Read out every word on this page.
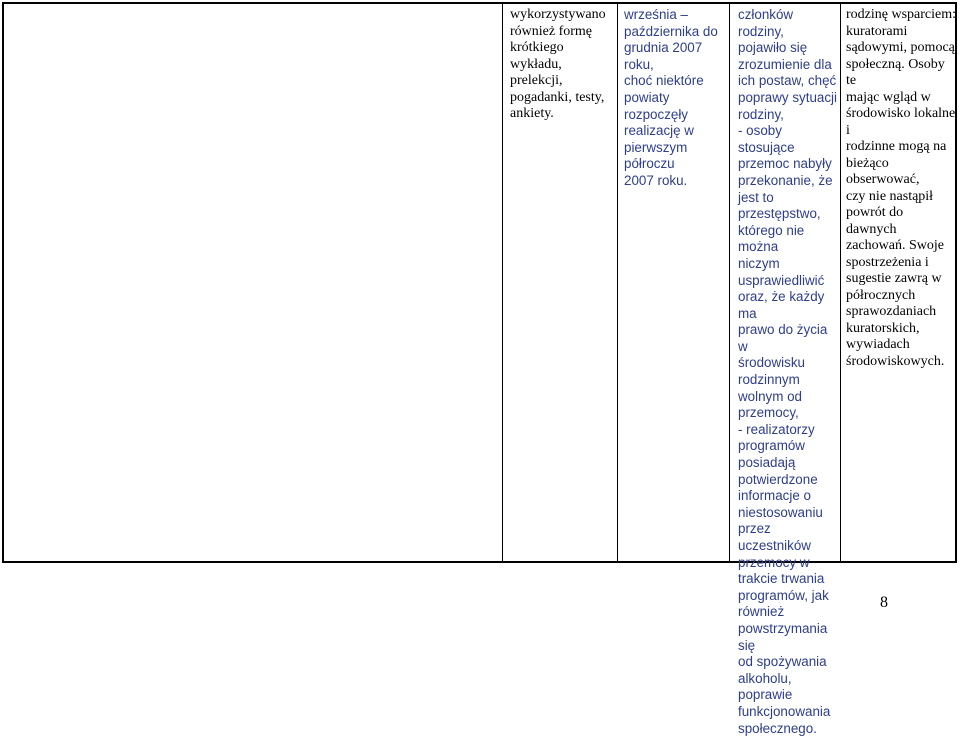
wykorzystywano
również formę
krótkiego wykładu,
prelekcji,
pogadanki, testy,
ankiety.

września –
października do
grudnia 2007 roku,
choć niektóre
powiaty rozpoczęły
realizację w
pierwszym półroczu
2007 roku.

członków rodziny,
pojawiło się
zrozumienie dla
ich postaw, chęć
poprawy sytuacji
rodziny,
- osoby stosujące
przemoc nabyły
przekonanie, że
jest to
przestępstwo,
którego nie można
niczym
usprawiedliwić
oraz, że każdy ma
prawo do życia w
środowisku
rodzinnym
wolnym od
przemocy,
- realizatorzy
programów
posiadają
potwierdzone
informacje o
niestosowaniu
przez uczestników
przemocy w
trakcie trwania
programów, jak
również
powstrzymania się
od spożywania
alkoholu,
poprawie
funkcjonowania
społecznego.

rodzinę wsparciem:
kuratorami
sądowymi, pomocą
społeczną. Osoby te
mając wgląd w
środowisko lokalne i
rodzinne mogą na
bieżąco obserwować,
czy nie nastąpił
powrót do dawnych
zachowań. Swoje
spostrzeżenia i
sugestie zawrą w
półrocznych
sprawozdaniach
kuratorskich,
wywiadach
środowiskowych.

8
